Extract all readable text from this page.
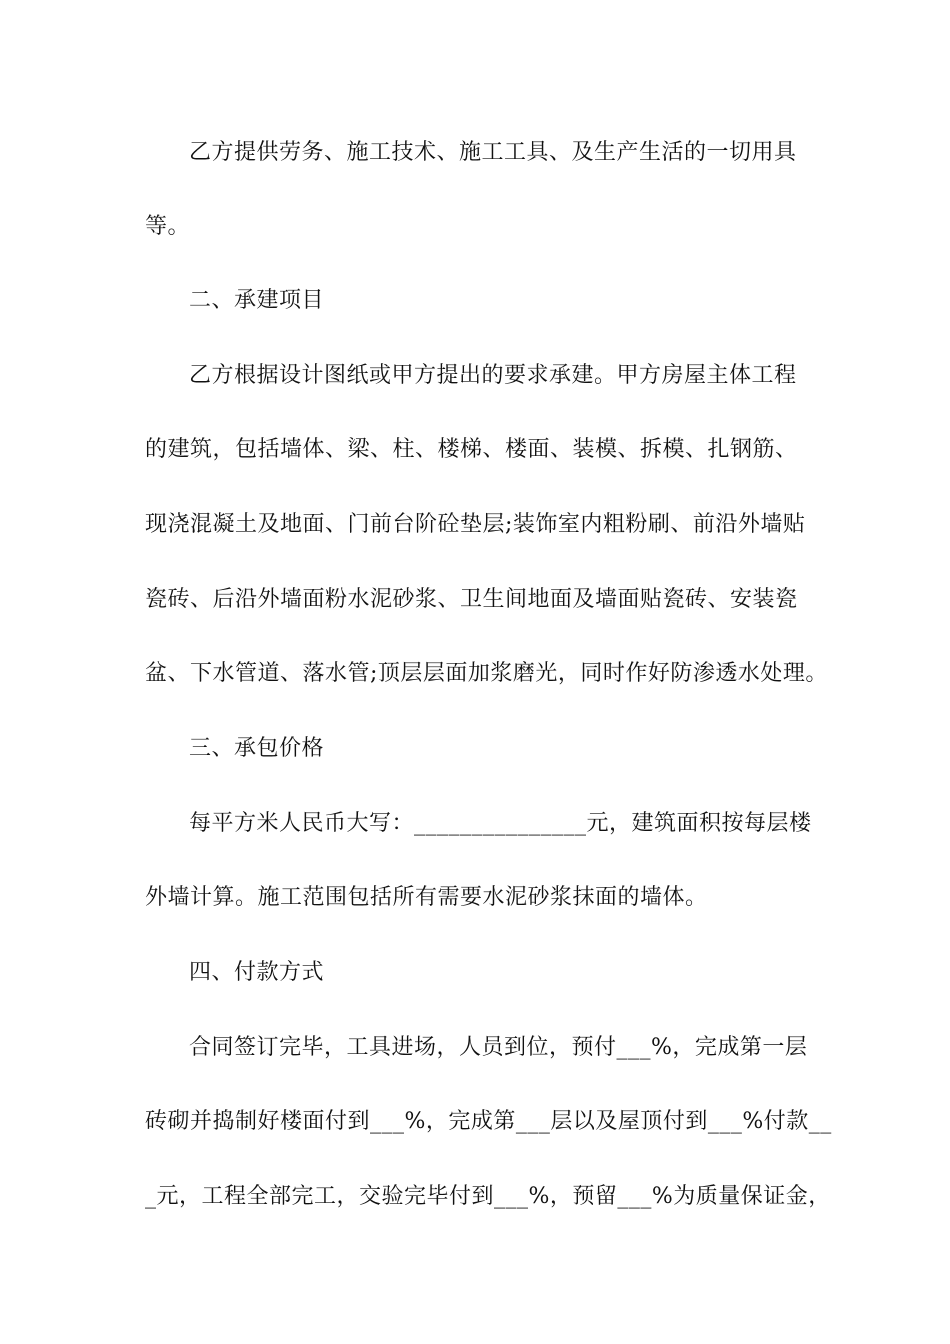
乙方提供劳务、施工技术、施工工具、及生产生活的一切用具
等。
二、承建项目
乙方根据设计图纸或甲方提出的要求承建。甲方房屋主体工程
的建筑，包括墙体、梁、柱、楼梯、楼面、装模、拆模、扎钢筋、
现浇混凝土及地面、门前台阶砼垫层;装饰室内粗粉刷、前沿外墙贴
瓷砖、后沿外墙面粉水泥砂浆、卫生间地面及墙面贴瓷砖、安装瓷
盆、下水管道、落水管;顶层层面加浆磨光，同时作好防渗透水处理。
三、承包价格
每平方米人民币大写：_______________元，建筑面积按每层楼
外墙计算。施工范围包括所有需要水泥砂浆抹面的墙体。
四、付款方式
合同签订完毕，工具进场，人员到位，预付___%，完成第一层
砖砌并捣制好楼面付到___%，完成第___层以及屋顶付到___%付款__
_元，工程全部完工，交验完毕付到___%，预留___%为质量保证金，
